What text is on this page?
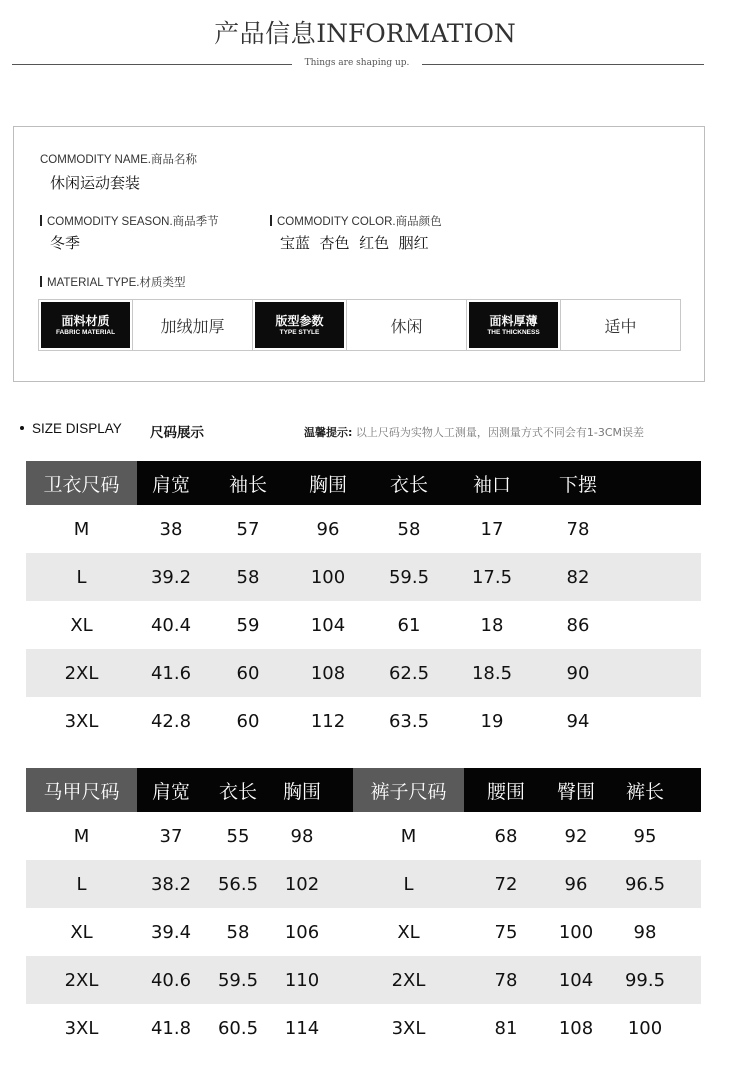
产品信息INFORMATION
Things are shaping up.
COMMODITY NAME.商品名称
休闲运动套装
COMMODITY SEASON.商品季节
冬季
COMMODITY COLOR.商品颜色
宝蓝  杏色  红色  胭红
MATERIAL TYPE.材质类型
面料材质
FABRIC MATERIAL	加绒加厚	版型参数
TYPE STYLE	休闲	面料厚薄
THE THICKNESS	适中
SIZE DISPLAY 尺码展示	温馨提示: 以上尺码为实物人工测量，因测量方式不同会有1-3CM误差
卫衣尺码	肩宽	袖长	胸围	衣长	袖口	下摆
M	38	57	96	58	17	78
L	39.2	58	100	59.5	17.5	82
XL	40.4	59	104	61	18	86
2XL	41.6	60	108	62.5	18.5	90
3XL	42.8	60	112	63.5	19	94
马甲尺码	肩宽	衣长	胸围	裤子尺码	腰围	臀围	裤长
M	37	55	98	M	68	92	95
L	38.2	56.5	102	L	72	96	96.5
XL	39.4	58	106	XL	75	100	98
2XL	40.6	59.5	110	2XL	78	104	99.5
3XL	41.8	60.5	114	3XL	81	108	100
